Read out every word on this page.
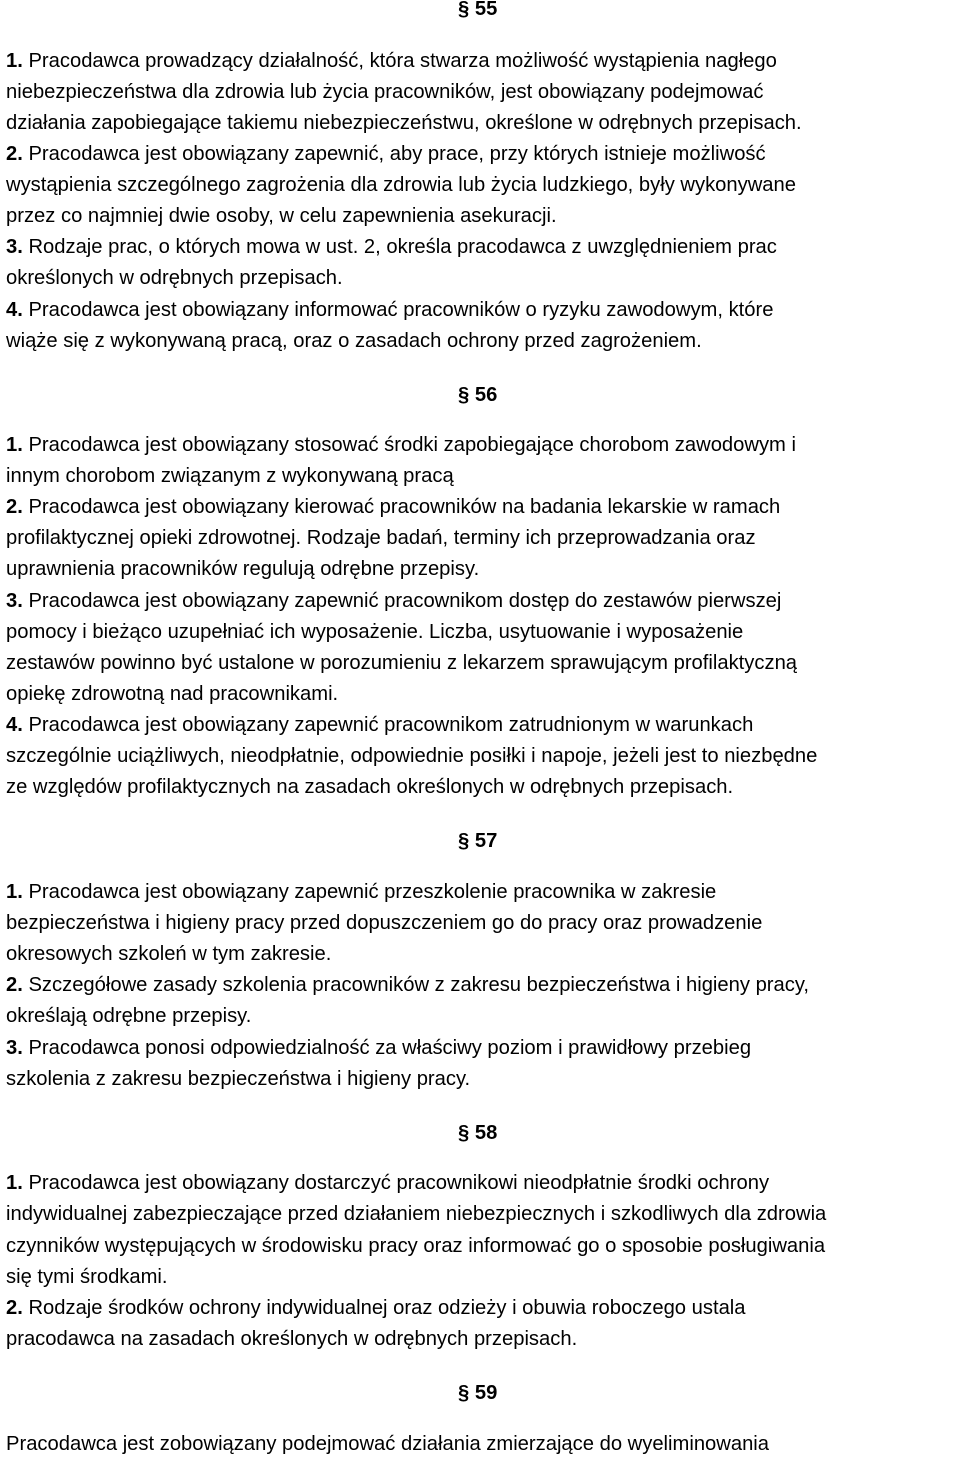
§ 55
1. Pracodawca prowadzący działalność, która stwarza możliwość wystąpienia nagłego
niebezpieczeństwa dla zdrowia lub życia pracowników, jest obowiązany podejmować
działania zapobiegające takiemu niebezpieczeństwu, określone w odrębnych przepisach.
2. Pracodawca jest obowiązany zapewnić, aby prace, przy których istnieje możliwość
wystąpienia szczególnego zagrożenia dla zdrowia lub życia ludzkiego, były wykonywane
przez co najmniej dwie osoby, w celu zapewnienia asekuracji.
3. Rodzaje prac, o których mowa w ust. 2, określa pracodawca z uwzględnieniem prac
określonych w odrębnych przepisach.
4. Pracodawca jest obowiązany informować pracowników o ryzyku zawodowym, które
wiąże się z wykonywaną pracą, oraz o zasadach ochrony przed zagrożeniem.
§ 56
1. Pracodawca jest obowiązany stosować środki zapobiegające chorobom zawodowym i
innym chorobom związanym z wykonywaną pracą
2. Pracodawca jest obowiązany kierować pracowników na badania lekarskie w ramach
profilaktycznej opieki zdrowotnej. Rodzaje badań, terminy ich przeprowadzania oraz
uprawnienia pracowników regulują odrębne przepisy.
3. Pracodawca jest obowiązany zapewnić pracownikom dostęp do zestawów pierwszej
pomocy i bieżąco uzupełniać ich wyposażenie. Liczba, usytuowanie i wyposażenie
zestawów powinno być ustalone w porozumieniu z lekarzem sprawującym profilaktyczną
opiekę zdrowotną nad pracownikami.
4. Pracodawca jest obowiązany zapewnić pracownikom zatrudnionym w warunkach
szczególnie uciążliwych, nieodpłatnie, odpowiednie posiłki i napoje, jeżeli jest to niezbędne
ze względów profilaktycznych na zasadach określonych w odrębnych przepisach.
§ 57
1. Pracodawca jest obowiązany zapewnić przeszkolenie pracownika w zakresie
bezpieczeństwa i higieny pracy przed dopuszczeniem go do pracy oraz prowadzenie
okresowych szkoleń w tym zakresie.
2. Szczegółowe zasady szkolenia pracowników z zakresu bezpieczeństwa i higieny pracy,
określają odrębne przepisy.
3. Pracodawca ponosi odpowiedzialność za właściwy poziom i prawidłowy przebieg
szkolenia z zakresu bezpieczeństwa i higieny pracy.
§ 58
1. Pracodawca jest obowiązany dostarczyć pracownikowi nieodpłatnie środki ochrony
indywidualnej zabezpieczające przed działaniem niebezpiecznych i szkodliwych dla zdrowia
czynników występujących w środowisku pracy oraz informować go o sposobie posługiwania
się tymi środkami.
2. Rodzaje środków ochrony indywidualnej oraz odzieży i obuwia roboczego ustala
pracodawca na zasadach określonych w odrębnych przepisach.
§ 59
Pracodawca jest zobowiązany podejmować działania zmierzające do wyeliminowania
